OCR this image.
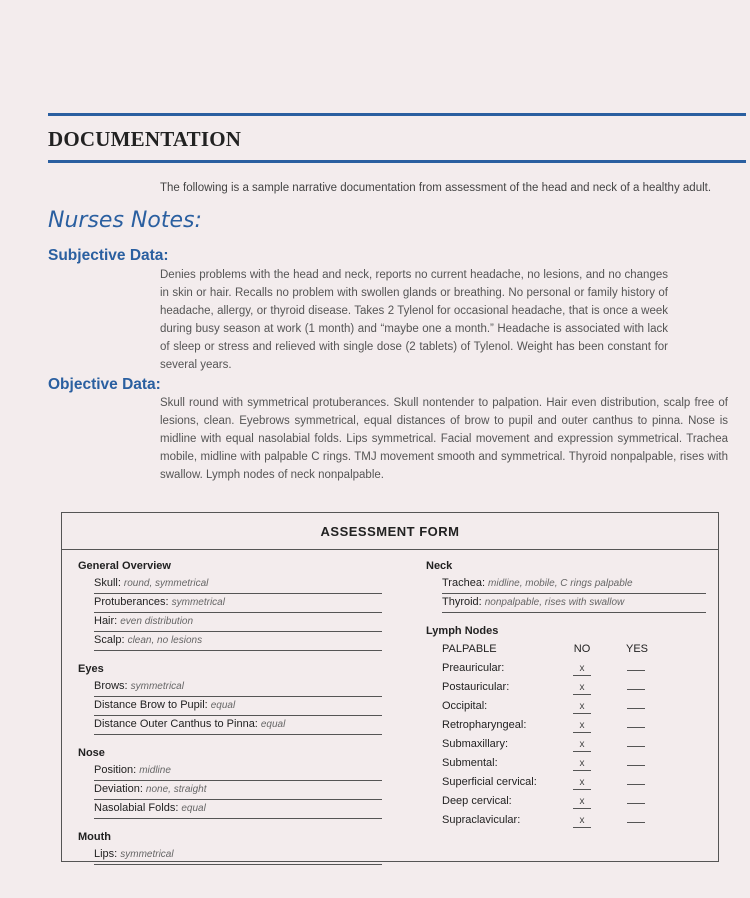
DOCUMENTATION
The following is a sample narrative documentation from assessment of the head and neck of a healthy adult.
Nurses Notes:
Subjective Data:
Denies problems with the head and neck, reports no current headache, no lesions, and no changes in skin or hair. Recalls no problem with swollen glands or breathing. No personal or family history of headache, allergy, or thyroid disease. Takes 2 Tylenol for occasional headache, that is once a week during busy season at work (1 month) and “maybe one a month.” Headache is associated with lack of sleep or stress and relieved with single dose (2 tablets) of Tylenol. Weight has been constant for several years.
Objective Data:
Skull round with symmetrical protuberances. Skull nontender to palpation. Hair even distribution, scalp free of lesions, clean. Eyebrows symmetrical, equal distances of brow to pupil and outer canthus to pinna. Nose is midline with equal nasolabial folds. Lips symmetrical. Facial movement and expression symmetrical. Trachea mobile, midline with palpable C rings. TMJ movement smooth and symmetrical. Thyroid nonpalpable, rises with swallow. Lymph nodes of neck nonpalpable.
ASSESSMENT FORM
General Overview
Skull: round, symmetrical
Protuberances: symmetrical
Hair: even distribution
Scalp: clean, no lesions
Eyes
Brows: symmetrical
Distance Brow to Pupil: equal
Distance Outer Canthus to Pinna: equal
Nose
Position: midline
Deviation: none, straight
Nasolabial Folds: equal
Mouth
Lips: symmetrical
Neck
Trachea: midline, mobile, C rings palpable
Thyroid: nonpalpable, rises with swallow
Lymph Nodes
PALPABLE	NO	YES
Preauricular:	x
Postauricular:	x
Occipital:	x
Retropharyngeal:	x
Submaxillary:	x
Submental:	x
Superficial cervical:	x
Deep cervical:	x
Supraclavicular:	x
